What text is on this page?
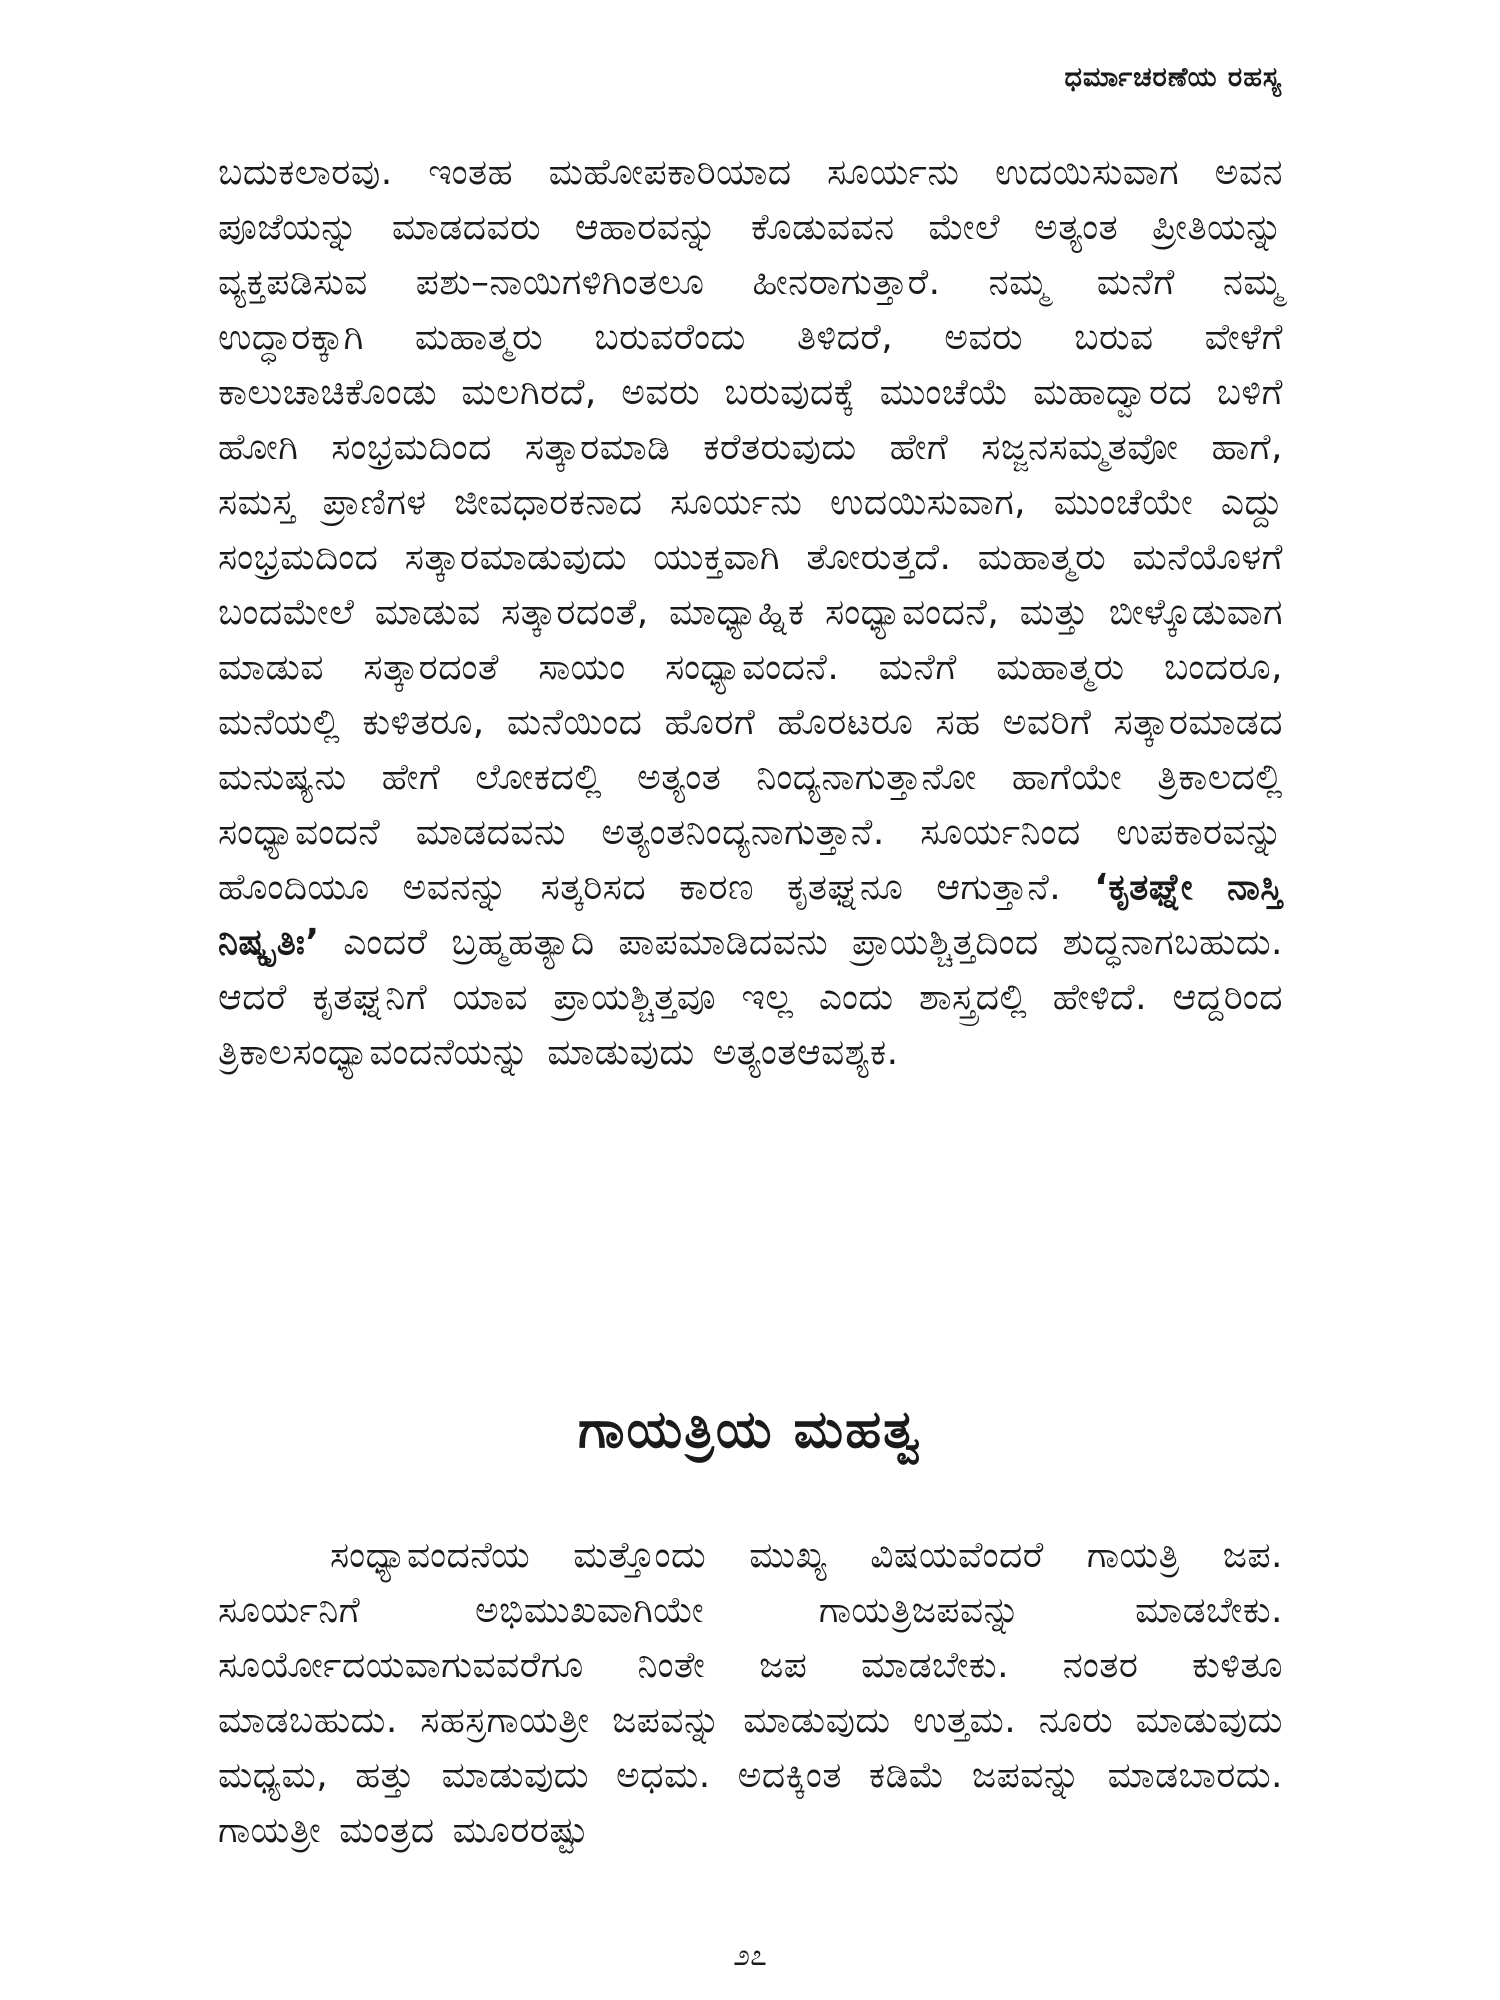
ಧರ್ಮಾಚರಣೆಯ ರಹಸ್ಯ

ಬದುಕಲಾರವು. ಇಂತಹ ಮಹೋಪಕಾರಿಯಾದ ಸೂರ್ಯನು ಉದಯಿಸುವಾಗ ಅವನ ಪೂಜೆಯನ್ನು ಮಾಡದವರು ಆಹಾರವನ್ನು ಕೊಡುವವನ ಮೇಲೆ ಅತ್ಯಂತ ಪ್ರೀತಿಯನ್ನು ವ್ಯಕ್ತಪಡಿಸುವ ಪಶು–ನಾಯಿಗಳಿಗಿಂತಲೂ ಹೀನರಾಗುತ್ತಾರೆ. ನಮ್ಮ ಮನೆಗೆ ನಮ್ಮ ಉದ್ಧಾರಕ್ಕಾಗಿ ಮಹಾತ್ಮರು ಬರುವರೆಂದು ತಿಳಿದರೆ, ಅವರು ಬರುವ ವೇಳೆಗೆ ಕಾಲುಚಾಚಿಕೊಂಡು ಮಲಗಿರದೆ, ಅವರು ಬರುವುದಕ್ಕೆ ಮುಂಚೆಯೆ ಮಹಾದ್ವಾರದ ಬಳಿಗೆ ಹೋಗಿ ಸಂಭ್ರಮದಿಂದ ಸತ್ಕಾರಮಾಡಿ ಕರೆತರುವುದು ಹೇಗೆ ಸಜ್ಜನಸಮ್ಮತವೋ ಹಾಗೆ, ಸಮಸ್ತ ಪ್ರಾಣಿಗಳ ಜೀವಧಾರಕನಾದ ಸೂರ್ಯನು ಉದಯಿಸುವಾಗ, ಮುಂಚೆಯೇ ಎದ್ದು ಸಂಭ್ರಮದಿಂದ ಸತ್ಕಾರಮಾಡುವುದು ಯುಕ್ತವಾಗಿ ತೋರುತ್ತದೆ. ಮಹಾತ್ಮರು ಮನೆಯೊಳಗೆ ಬಂದಮೇಲೆ ಮಾಡುವ ಸತ್ಕಾರದಂತೆ, ಮಾಧ್ಯಾಹ್ನಿಕ ಸಂಧ್ಯಾವಂದನೆ, ಮತ್ತು ಬೀಳ್ಕೊಡುವಾಗ ಮಾಡುವ ಸತ್ಕಾರದಂತೆ ಸಾಯಂ ಸಂಧ್ಯಾವಂದನೆ. ಮನೆಗೆ ಮಹಾತ್ಮರು ಬಂದರೂ, ಮನೆಯಲ್ಲಿ ಕುಳಿತರೂ, ಮನೆಯಿಂದ ಹೊರಗೆ ಹೊರಟರೂ ಸಹ ಅವರಿಗೆ ಸತ್ಕಾರಮಾಡದ ಮನುಷ್ಯನು ಹೇಗೆ ಲೋಕದಲ್ಲಿ ಅತ್ಯಂತ ನಿಂದ್ಯನಾಗುತ್ತಾನೋ ಹಾಗೆಯೇ ತ್ರಿಕಾಲದಲ್ಲಿ ಸಂಧ್ಯಾವಂದನೆ ಮಾಡದವನು ಅತ್ಯಂತನಿಂದ್ಯನಾಗುತ್ತಾನೆ. ಸೂರ್ಯನಿಂದ ಉಪಕಾರವನ್ನು ಹೊಂದಿಯೂ ಅವನನ್ನು ಸತ್ಕರಿಸದ ಕಾರಣ ಕೃತಘ್ನನೂ ಆಗುತ್ತಾನೆ. ‘ಕೃತಘ್ನೇ ನಾಸ್ತಿ ನಿಷ್ಕೃತಿಃ’ ಎಂದರೆ ಬ್ರಹ್ಮಹತ್ಯಾದಿ ಪಾಪಮಾಡಿದವನು ಪ್ರಾಯಶ್ಚಿತ್ತದಿಂದ ಶುದ್ಧನಾಗಬಹುದು. ಆದರೆ ಕೃತಘ್ನನಿಗೆ ಯಾವ ಪ್ರಾಯಶ್ಚಿತ್ತವೂ ಇಲ್ಲ ಎಂದು ಶಾಸ್ತ್ರದಲ್ಲಿ ಹೇಳಿದೆ. ಆದ್ದರಿಂದ ತ್ರಿಕಾಲಸಂಧ್ಯಾವಂದನೆಯನ್ನು ಮಾಡುವುದು ಅತ್ಯಂತಆವಶ್ಯಕ.

ಗಾಯತ್ರಿಯ ಮಹತ್ವ

ಸಂಧ್ಯಾವಂದನೆಯ ಮತ್ತೊಂದು ಮುಖ್ಯ ವಿಷಯವೆಂದರೆ ಗಾಯತ್ರಿ ಜಪ. ಸೂರ್ಯನಿಗೆ ಅಭಿಮುಖವಾಗಿಯೇ ಗಾಯತ್ರಿಜಪವನ್ನು ಮಾಡಬೇಕು. ಸೂರ್ಯೋದಯವಾಗುವವರೆಗೂ ನಿಂತೇ ಜಪ ಮಾಡಬೇಕು. ನಂತರ ಕುಳಿತೂ ಮಾಡಬಹುದು. ಸಹಸ್ರಗಾಯತ್ರೀ ಜಪವನ್ನು ಮಾಡುವುದು ಉತ್ತಮ. ನೂರು ಮಾಡುವುದು ಮಧ್ಯಮ, ಹತ್ತು ಮಾಡುವುದು ಅಧಮ. ಅದಕ್ಕಿಂತ ಕಡಿಮೆ ಜಪವನ್ನು ಮಾಡಬಾರದು. ಗಾಯತ್ರೀ ಮಂತ್ರದ ಮೂರರಷ್ಟು

೨೭
